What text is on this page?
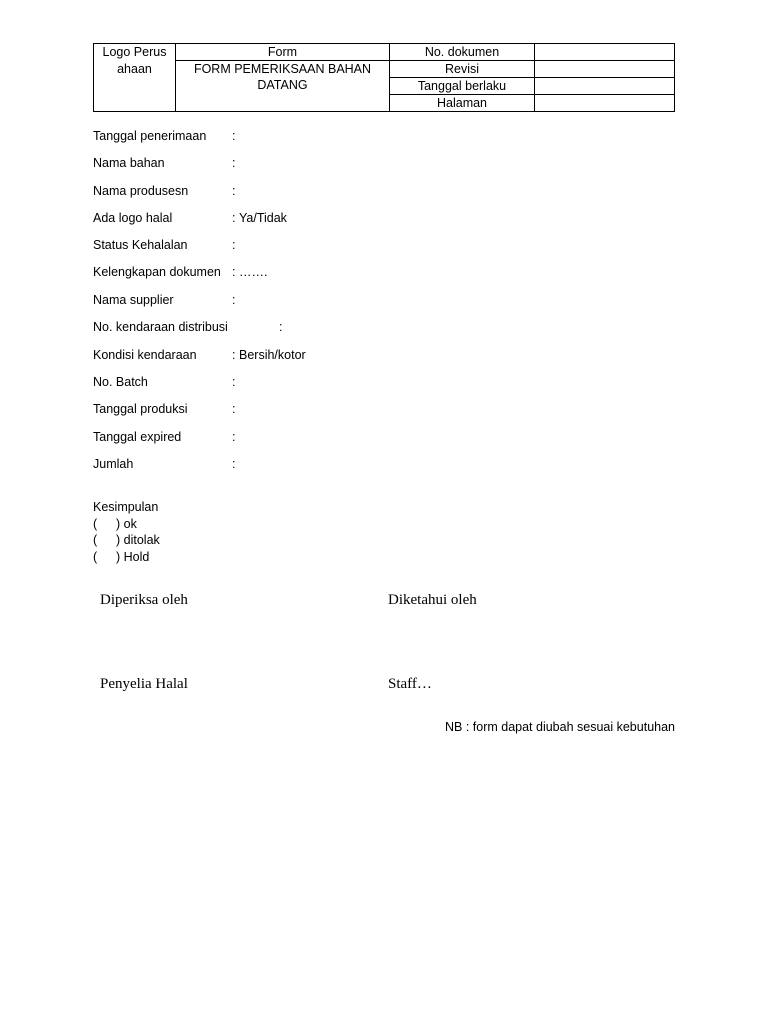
Logo Perusahaan	Form	No. dokumen	
	FORM PEMERIKSAAN BAHAN DATANG	Revisi	
		Tanggal berlaku	
		Halaman	
Tanggal penerimaan :
Nama bahan	:
Nama produsesn	:
Ada logo halal	: Ya/Tidak
Status Kehalalan	:
Kelengkapan dokumen : …….
Nama supplier	:
No. kendaraan distribusi	:
Kondisi kendaraan	: Bersih/kotor
No. Batch	:
Tanggal produksi	:
Tanggal expired	:
Jumlah	:
Kesimpulan
( ) ok
( ) ditolak
( ) Hold
Diperiksa oleh	Diketahui oleh
Penyelia Halal	Staff…
NB : form dapat diubah sesuai kebutuhan
